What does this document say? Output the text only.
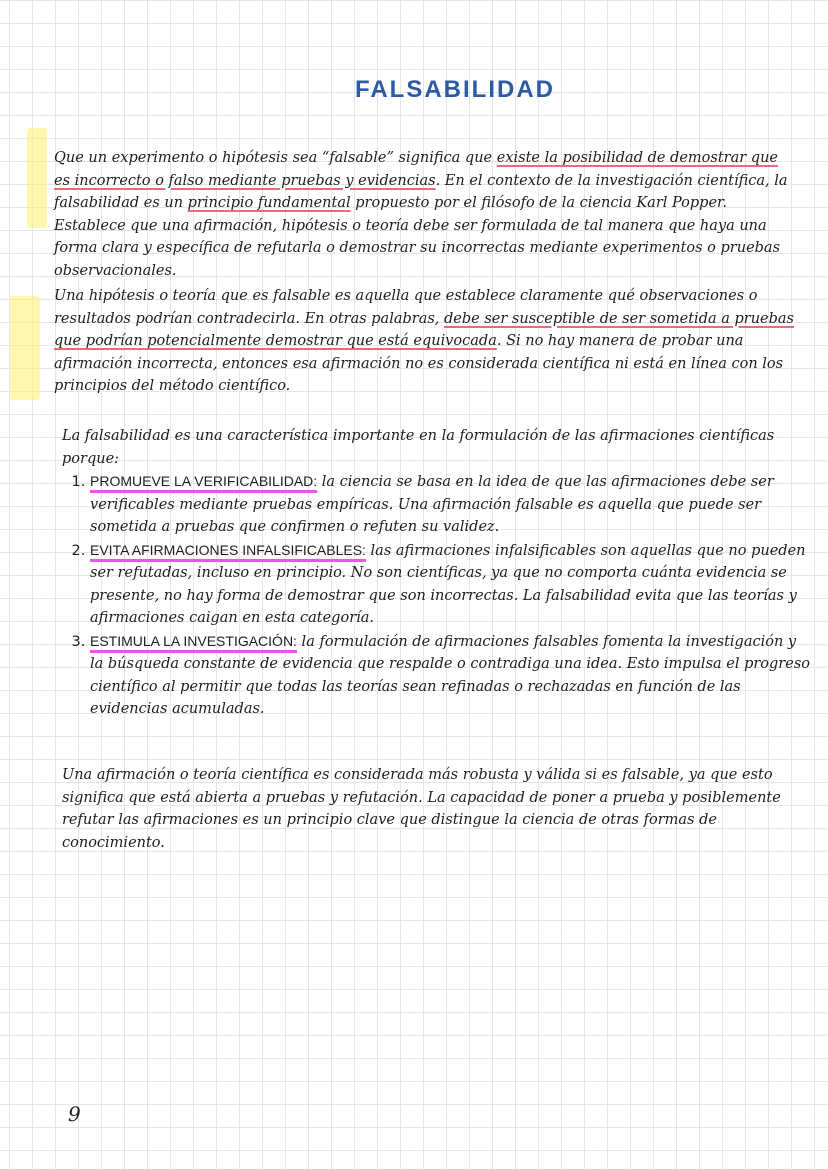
FALSABILIDAD

Que un experimento o hipótesis sea “falsable” significa que existe la posibilidad de demostrar que es incorrecto o falso mediante pruebas y evidencias. En el contexto de la investigación científica, la falsabilidad es un principio fundamental propuesto por el filósofo de la ciencia Karl Popper. Establece que una afirmación, hipótesis o teoría debe ser formulada de tal manera que haya una forma clara y específica de refutarla o demostrar su incorrectas mediante experimentos o pruebas observacionales.

Una hipótesis o teoría que es falsable es aquella que establece claramente qué observaciones o resultados podrían contradecirla. En otras palabras, debe ser susceptible de ser sometida a pruebas que podrían potencialmente demostrar que está equivocada. Si no hay manera de probar una afirmación incorrecta, entonces esa afirmación no es considerada científica ni está en línea con los principios del método científico.

La falsabilidad es una característica importante en la formulación de las afirmaciones científicas porque:

1. PROMUEVE LA VERIFICABILIDAD: la ciencia se basa en la idea de que las afirmaciones debe ser verificables mediante pruebas empíricas. Una afirmación falsable es aquella que puede ser sometida a pruebas que confirmen o refuten su validez.
2. EVITA AFIRMACIONES INFALSIFICABLES: las afirmaciones infalsificables son aquellas que no pueden ser refutadas, incluso en principio. No son científicas, ya que no comporta cuánta evidencia se presente, no hay forma de demostrar que son incorrectas. La falsabilidad evita que las teorías y afirmaciones caigan en esta categoría.
3. ESTIMULA LA INVESTIGACIÓN: la formulación de afirmaciones falsables fomenta la investigación y la búsqueda constante de evidencia que respalde o contradiga una idea. Esto impulsa el progreso científico al permitir que todas las teorías sean refinadas o rechazadas en función de las evidencias acumuladas.

Una afirmación o teoría científica es considerada más robusta y válida si es falsable, ya que esto significa que está abierta a pruebas y refutación. La capacidad de poner a prueba y posiblemente refutar las afirmaciones es un principio clave que distingue la ciencia de otras formas de conocimiento.

9
